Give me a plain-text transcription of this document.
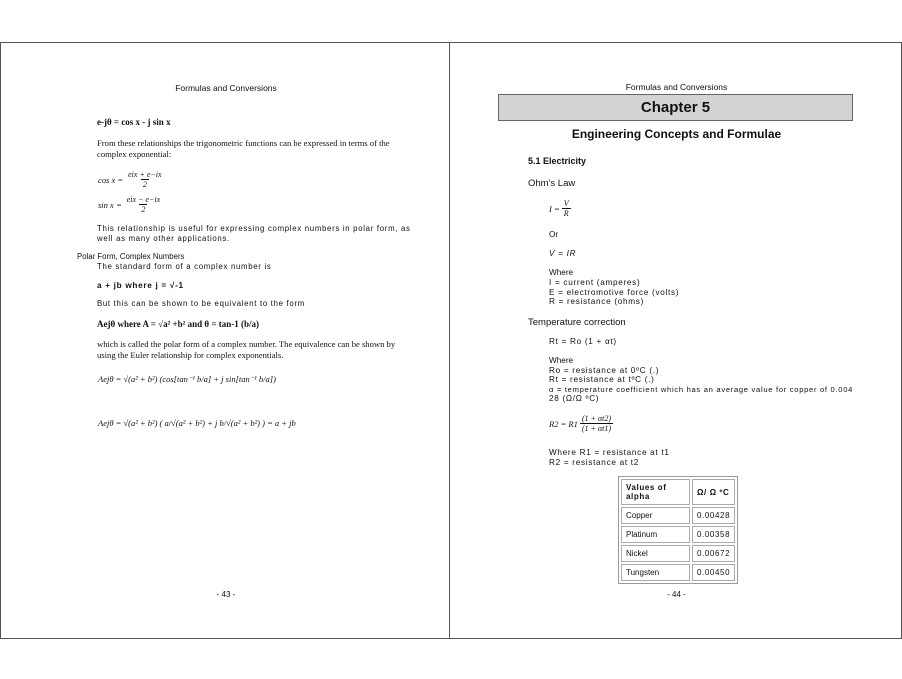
Formulas and Conversions
e-jθ = cos x - j sin x
From these relationships the trigonometric functions can be expressed in terms of the
complex exponential:
$\cos x = \frac{\text{eix + e−ix}}{2}$
$\sin x = \frac{\text{eix − e−ix}}{2}$
This relationship is useful for expressing complex numbers in polar form, as
well as many other applications.
Polar Form, Complex Numbers
The standard form of a complex number is
a + jb where j = √-1
But this can be shown to be equivalent to the form
Aejθ where A = √a² +b² and θ = tan-1 (b/a)
which is called the polar form of a complex number. The equivalence can be shown by
using the Euler relationship for complex exponentials.
Aejθ = √(a² + b²) (cos[tan⁻¹ b/a] + j sin[tan⁻¹ b/a])
Aejθ = √(a² + b²) ( a/√(a² + b²) + j b/√(a² + b²) ) = a + jb
- 43 -
Formulas and Conversions
Chapter 5
Engineering Concepts and Formulae
5.1 Electricity
Ohm's Law
$I = \frac{V}{R}$
Or
V = IR
Where
I = current (amperes)
E = electromotive force (volts)
R = resistance (ohms)
Temperature correction
Rt = Ro (1 + αt)
Where
Ro = resistance at 0ºC (.)
Rt = resistance at tºC (.)
α = temperature coefficient which has an average value for copper of 0.004
28 (Ω/Ω ºC)
$R2 = R1 \frac{(1 + \alpha t2)}{(1 + \alpha t1)}$
Where R1 = resistance at t1
R2 = resistance at t2
Values of alpha	Ω/ Ω ºC
Copper	0.00428
Platinum	0.00358
Nickel	0.00672
Tungsten	0.00450
- 44 -
